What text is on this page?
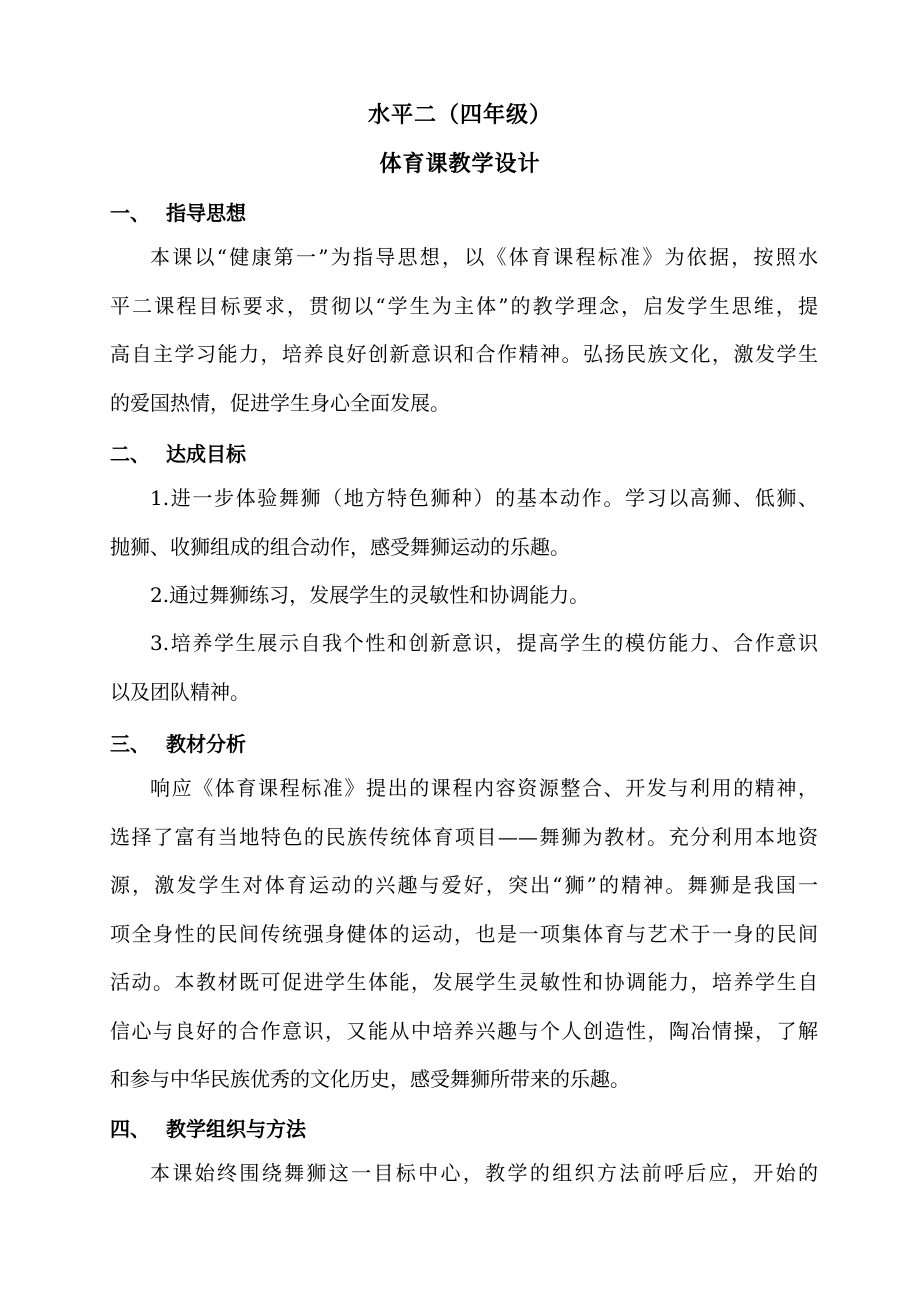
水平二（四年级）
体育课教学设计
一、 指导思想
本课以“健康第一”为指导思想，以《体育课程标准》为依据，按照水
平二课程目标要求，贯彻以“学生为主体”的教学理念，启发学生思维，提
高自主学习能力，培养良好创新意识和合作精神。弘扬民族文化，激发学生
的爱国热情，促进学生身心全面发展。
二、 达成目标
1.进一步体验舞狮（地方特色狮种）的基本动作。学习以高狮、低狮、
抛狮、收狮组成的组合动作，感受舞狮运动的乐趣。
2.通过舞狮练习，发展学生的灵敏性和协调能力。
3.培养学生展示自我个性和创新意识，提高学生的模仿能力、合作意识
以及团队精神。
三、 教材分析
响应《体育课程标准》提出的课程内容资源整合、开发与利用的精神，
选择了富有当地特色的民族传统体育项目——舞狮为教材。充分利用本地资
源，激发学生对体育运动的兴趣与爱好，突出“狮”的精神。舞狮是我国一
项全身性的民间传统强身健体的运动，也是一项集体育与艺术于一身的民间
活动。本教材既可促进学生体能，发展学生灵敏性和协调能力，培养学生自
信心与良好的合作意识，又能从中培养兴趣与个人创造性，陶冶情操，了解
和参与中华民族优秀的文化历史，感受舞狮所带来的乐趣。
四、 教学组织与方法
本课始终围绕舞狮这一目标中心，教学的组织方法前呼后应，开始的
